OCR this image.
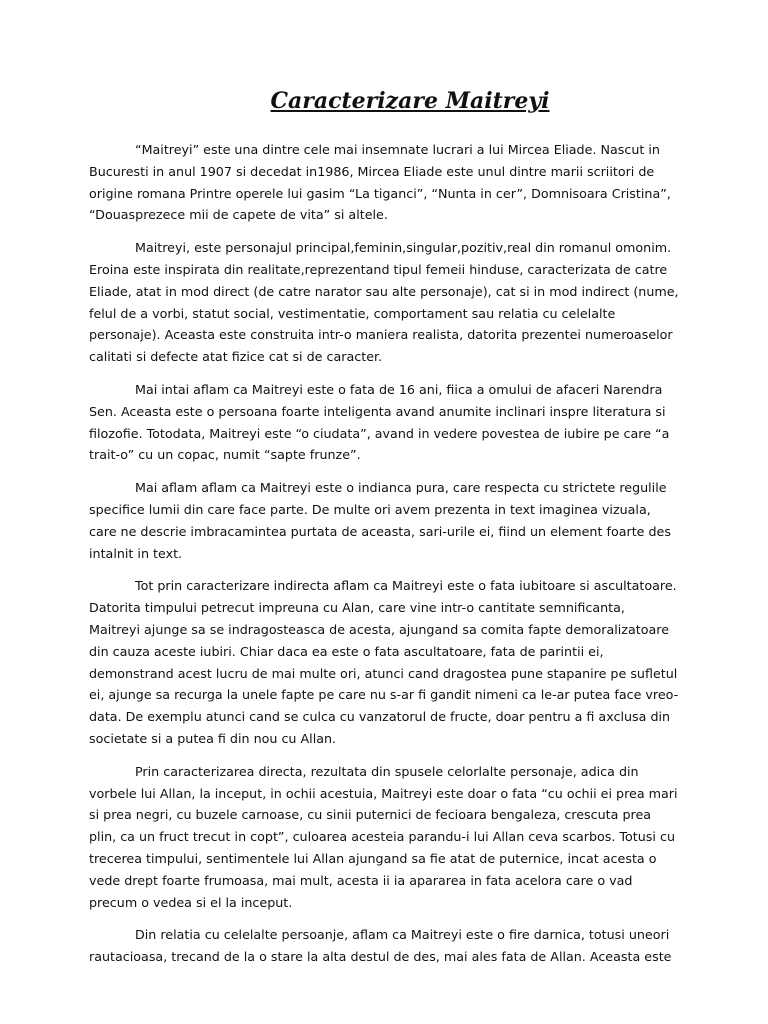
Caracterizare Maitreyi

“Maitreyi” este una dintre cele mai insemnate lucrari a lui Mircea Eliade. Nascut in Bucuresti in anul 1907 si decedat in1986, Mircea Eliade este unul dintre marii scriitori de origine romana Printre operele lui gasim “La tiganci”, “Nunta in cer”, Domnisoara Cristina”, “Douasprezece mii de capete de vita” si altele.

Maitreyi, este personajul principal,feminin,singular,pozitiv,real din romanul omonim. Eroina este inspirata din realitate,reprezentand tipul femeii hinduse, caracterizata de catre Eliade, atat in mod direct (de catre narator sau alte personaje), cat si in mod indirect (nume, felul de a vorbi, statut social, vestimentatie, comportament sau relatia cu celelalte personaje). Aceasta este construita intr-o maniera realista, datorita prezentei numeroaselor calitati si defecte atat fizice cat si de caracter.

Mai intai aflam ca Maitreyi este o fata de 16 ani, fiica a omului de afaceri Narendra Sen. Aceasta este o persoana foarte inteligenta avand anumite inclinari inspre literatura si filozofie. Totodata, Maitreyi este “o ciudata”, avand in vedere povestea de iubire pe care “a trait-o” cu un copac, numit “sapte frunze”.

Mai aflam aflam ca Maitreyi este o indianca pura, care respecta cu strictete regulile specifice lumii din care face parte. De multe ori avem prezenta in text imaginea vizuala, care ne descrie imbracamintea purtata de aceasta, sari-urile ei, fiind un element foarte des intalnit in text.

Tot prin caracterizare indirecta aflam ca Maitreyi este o fata iubitoare si ascultatoare. Datorita timpului petrecut impreuna cu Alan, care vine intr-o cantitate semnificanta, Maitreyi ajunge sa se indragosteasca de acesta, ajungand sa comita fapte demoralizatoare din cauza aceste iubiri. Chiar daca ea este o fata ascultatoare, fata de parintii ei, demonstrand acest lucru de mai multe ori, atunci cand dragostea pune stapanire pe sufletul ei, ajunge sa recurga la unele fapte pe care nu s-ar fi gandit nimeni ca le-ar putea face vreo-data. De exemplu atunci cand se culca cu vanzatorul de fructe, doar pentru a fi axclusa din societate si a putea fi din nou cu Allan.

Prin caracterizarea directa, rezultata din spusele celorlalte personaje, adica din vorbele lui Allan, la inceput, in ochii acestuia, Maitreyi este doar o fata “cu ochii ei prea mari si prea negri, cu buzele carnoase, cu sinii puternici de fecioara bengaleza, crescuta prea plin, ca un fruct trecut in copt”, culoarea acesteia parandu-i lui Allan ceva scarbos. Totusi cu trecerea timpului, sentimentele lui Allan ajungand sa fie atat de puternice, incat acesta o vede drept foarte frumoasa, mai mult, acesta ii ia apararea in fata acelora care o vad precum o vedea si el la inceput.

Din relatia cu celelalte persoanje, aflam ca Maitreyi este o fire darnica, totusi uneori rautacioasa, trecand de la o stare la alta destul de des, mai ales fata de Allan. Aceasta este
